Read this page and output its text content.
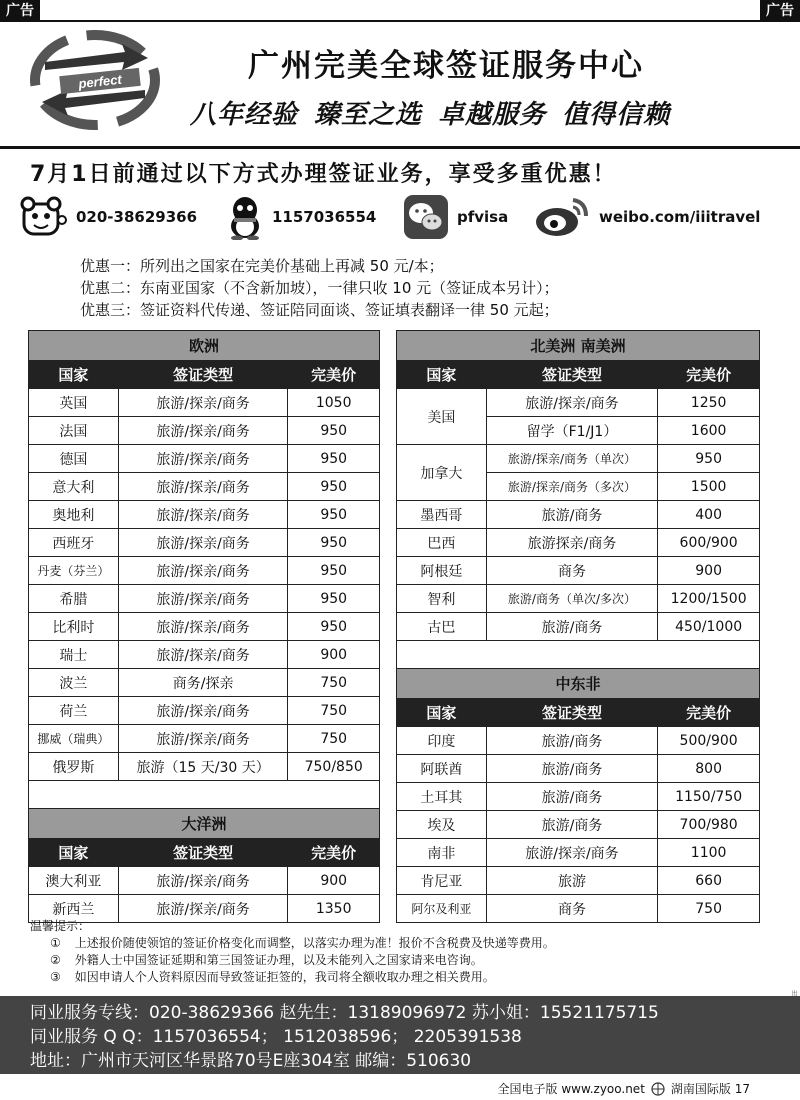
广告	广告
perfect	广州完美全球签证服务中心
八年经验 臻至之选 卓越服务 值得信赖
7月1日前通过以下方式办理签证业务，享受多重优惠！
020-38629366	1157036554	pfvisa	weibo.com/iiitravel
优惠一：所列出之国家在完美价基础上再减 50 元/本；
优惠二：东南亚国家（不含新加坡），一律只收 10 元（签证成本另计）；
优惠三：签证资料代传递、签证陪同面谈、签证填表翻译一律 50 元起；
欧洲		
国家	签证类型	完美价
英国	旅游/探亲/商务	1050
法国	旅游/探亲/商务	950
德国	旅游/探亲/商务	950
意大利	旅游/探亲/商务	950
奥地利	旅游/探亲/商务	950
西班牙	旅游/探亲/商务	950
丹麦（芬兰）	旅游/探亲/商务	950
希腊	旅游/探亲/商务	950
比利时	旅游/探亲/商务	950
瑞士	旅游/探亲/商务	900
波兰	商务/探亲	750
荷兰	旅游/探亲/商务	750
挪威（瑞典）	旅游/探亲/商务	750
俄罗斯	旅游（15 天/30 天）	750/850

大洋洲		
国家	签证类型	完美价
澳大利亚	旅游/探亲/商务	900
新西兰	旅游/探亲/商务	1350
北美洲 南美洲		
国家	签证类型	完美价
美国	旅游/探亲/商务	1250
	留学（F1/J1）	1600
加拿大	旅游/探亲/商务（单次）	950
	旅游/探亲/商务（多次）	1500
墨西哥	旅游/商务	400
巴西	旅游探亲/商务	600/900
阿根廷	商务	900
智利	旅游/商务（单次/多次）	1200/1500
古巴	旅游/商务	450/1000

中东非		
国家	签证类型	完美价
印度	旅游/商务	500/900
阿联酋	旅游/商务	800
土耳其	旅游/商务	1150/750
埃及	旅游/商务	700/980
南非	旅游/探亲/商务	1100
肯尼亚	旅游	660
阿尔及利亚	商务	750
温馨提示：
① 上述报价随使领馆的签证价格变化而调整，以落实办理为准！报价不含税费及快递等费用。
② 外籍人士中国签证延期和第三国签证办理，以及未能列入之国家请来电咨询。
③ 如因申请人个人资料原因而导致签证拒签的，我司将全额收取办理之相关费用。
同业服务专线：020-38629366 赵先生：13189096972 苏小姐：15521175715
同业服务 Q Q：1157036554； 1512038596； 2205391538
地址：广州市天河区华景路70号E座304室 邮编：510630
全国电子版 www.zyoo.net 湖南国际版 17
出广告前文件请到广告协会
